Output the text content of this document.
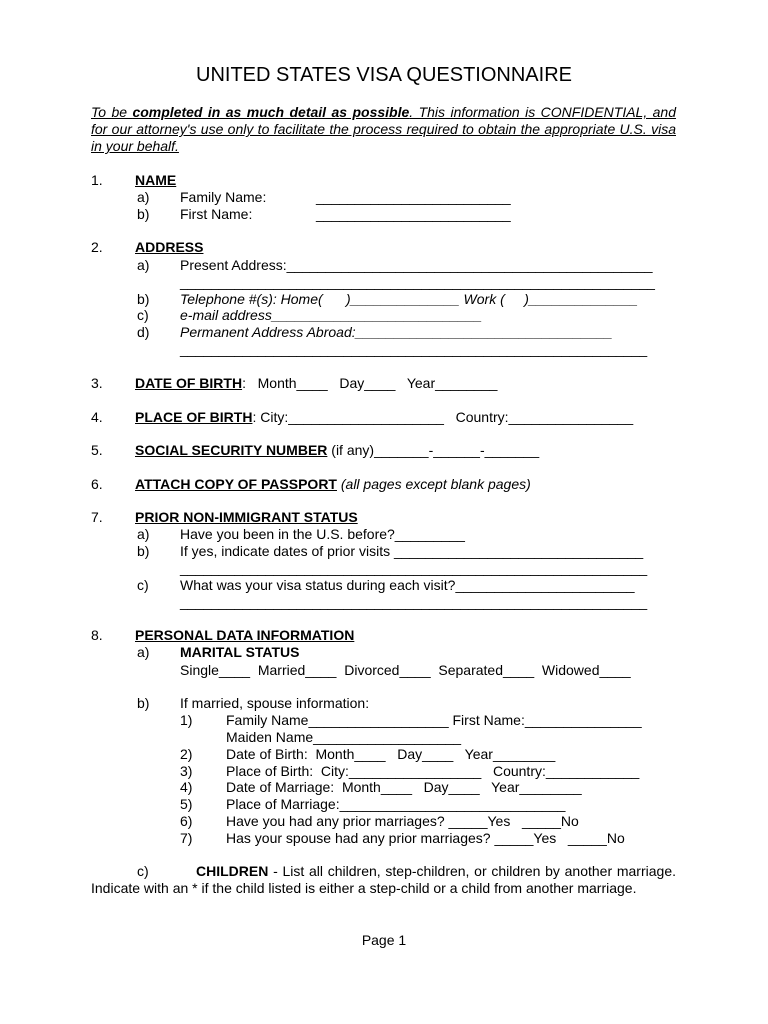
UNITED STATES VISA QUESTIONNAIRE

To be completed in as much detail as possible. This information is CONFIDENTIAL, and for our attorney's use only to facilitate the process required to obtain the appropriate U.S. visa in your behalf.

1. NAME
a) Family Name:	_________________________
b) First Name:	_________________________
2. ADDRESS
a) Present Address:_______________________________________________
_____________________________________________________________
b) Telephone #(s): Home(      )______________ Work (     )______________
c) e-mail address___________________________
d) Permanent Address Abroad:_________________________________
____________________________________________________________
3. DATE OF BIRTH:   Month____   Day____   Year________
4. PLACE OF BIRTH: City:____________________   Country:________________
5. SOCIAL SECURITY NUMBER (if any)_______-______-_______
6. ATTACH COPY OF PASSPORT (all pages except blank pages)
7. PRIOR NON-IMMIGRANT STATUS
a) Have you been in the U.S. before?_________
b) If yes, indicate dates of prior visits ________________________________
____________________________________________________________
c) What was your visa status during each visit?_______________________
____________________________________________________________
8. PERSONAL DATA INFORMATION
a) MARITAL STATUS
Single____  Married____  Divorced____  Separated____  Widowed____
b) If married, spouse information:
1) Family Name__________________ First Name:_______________
Maiden Name___________________
2) Date of Birth:  Month____   Day____   Year________
3) Place of Birth:  City:_________________   Country:____________
4) Date of Marriage:  Month____   Day____   Year________
5) Place of Marriage:_____________________________
6) Have you had any prior marriages? _____Yes   _____No
7) Has your spouse had any prior marriages? _____Yes   _____No

c)	CHILDREN - List all children, step-children, or children by another marriage. Indicate with an * if the child listed is either a step-child or a child from another marriage.

Page 1
